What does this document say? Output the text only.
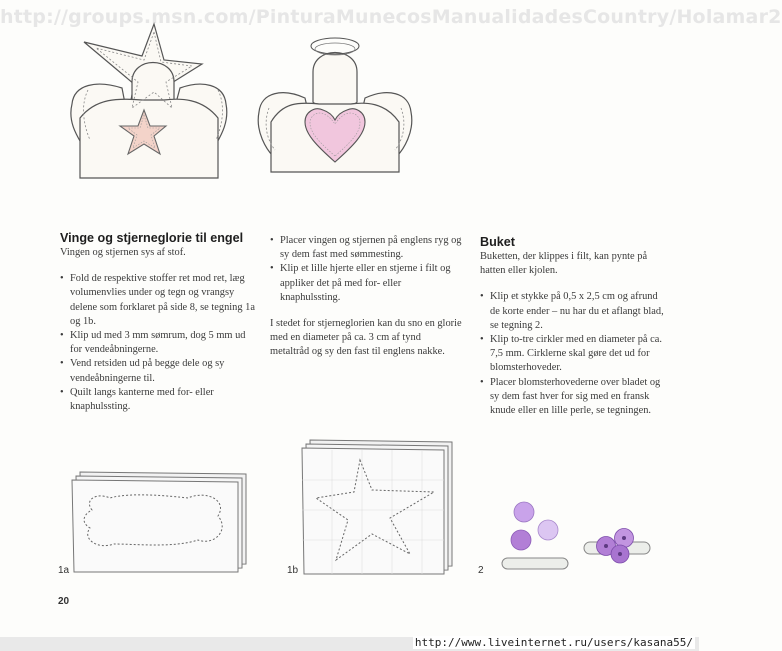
http://groups.msn.com/PinturaMunecosManualidadesCountry/Holamar2
Vinge og stjerneglorie til engel

Vingen og stjernen sys af stof.

• Fold de respektive stoffer ret mod ret, læg volumenvlies under og tegn og vrangsy delene som forklaret på side 8, se tegning 1a og 1b.
• Klip ud med 3 mm sømrum, dog 5 mm ud for vendeåbningerne.
• Vend retsiden ud på begge dele og sy vendeåbningerne til.
• Quilt langs kanterne med for- eller knaphulssting.
• Placer vingen og stjernen på englens ryg og sy dem fast med sømmesting.
• Klip et lille hjerte eller en stjerne i filt og appliker det på med for- eller knaphulssting.

I stedet for stjerneglorien kan du sno en glorie med en diameter på ca. 3 cm af tynd metaltråd og sy den fast til englens nakke.

Buket

Buketten, der klippes i filt, kan pynte på hatten eller kjolen.

• Klip et stykke på 0,5 x 2,5 cm og afrund de korte ender – nu har du et aflangt blad, se tegning 2.
• Klip to-tre cirkler med en diameter på ca. 7,5 mm. Cirklerne skal gøre det ud for blomsterhoveder.
• Placer blomsterhovederne over bladet og sy dem fast hver for sig med en fransk knude eller en lille perle, se tegningen.
1a	1b	2
20
http://www.liveinternet.ru/users/kasana55/
